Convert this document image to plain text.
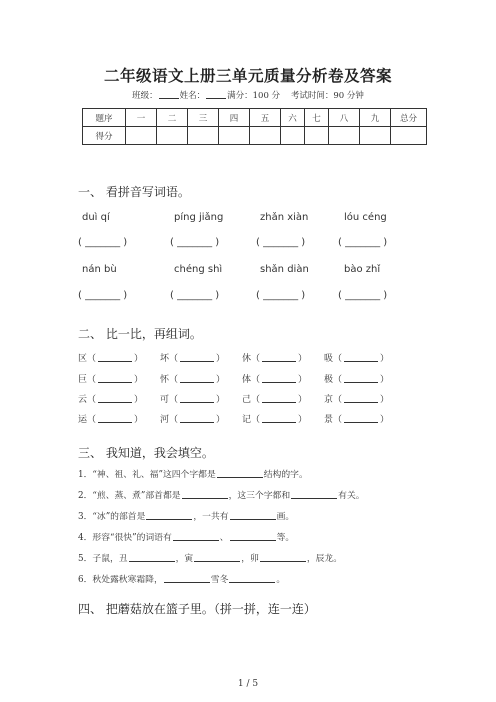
二年级语文上册三单元质量分析卷及答案
班级：	姓名：	满分：100 分 考试时间：90 分钟
题序	一	二	三	四	五	六	七	八	九	总分
得分										
一、 看拼音写词语。
duì qí	píng jiǎng	zhǎn xiàn	lóu céng
( _______ )	( _______ )	( _______ )	( _______ )
nán bù	chéng shì	shǎn diàn	bào zhǐ
( _______ )	( _______ )	( _______ )	( _______ )
二、 比一比，再组词。
区（	） 坏（	） 休（	） 吸（	）
巨（	） 怀（	） 体（	） 极（	）
云（	） 可（	） 己（	） 京（	）
运（	） 河（	） 记（	） 景（	）
三、 我知道，我会填空。
1．“神、祖、礼、福”这四个字都是	结构的字。
2．“煎、蒸、煮”部首都是	，这三个字都和	有关。
3．“冰”的部首是	，一共有	画。
4．形容“很快”的词语有	、	等。
5．子鼠，丑	，寅	，卯	，辰龙。
6．秋处露秋寒霜降，	雪冬	。
四、 把蘑菇放在篮子里。（拼一拼，连一连）
1 / 5
